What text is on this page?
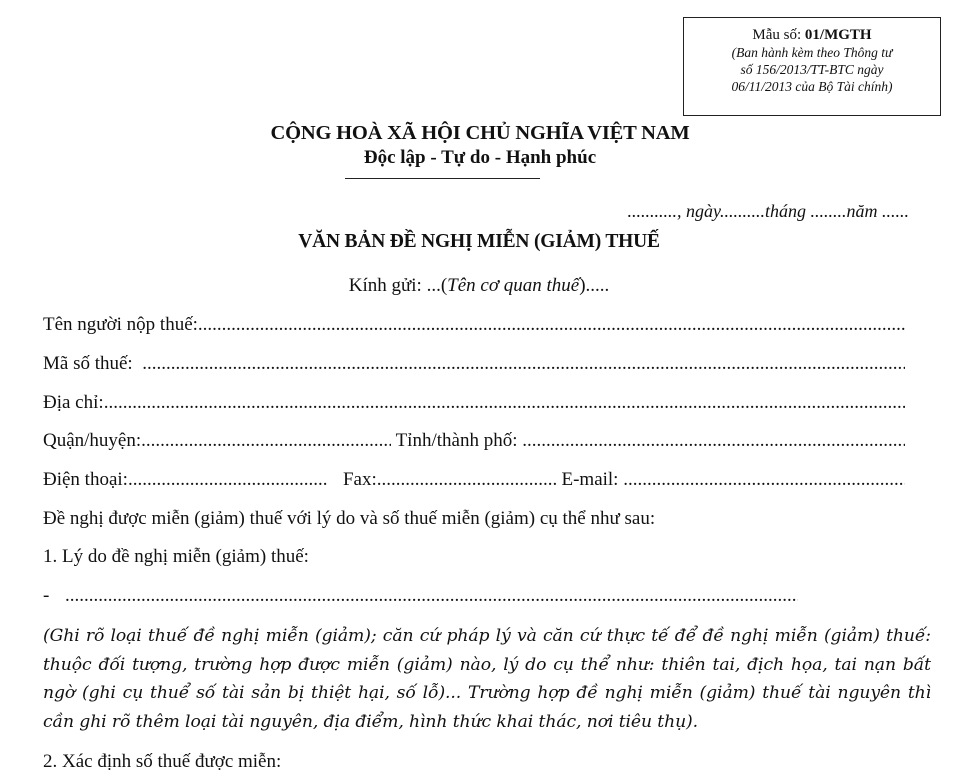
Mẫu số: 01/MGTH
(Ban hành kèm theo Thông tư
số 156/2013/TT-BTC ngày
06/11/2013 của Bộ Tài chính)
CỘNG HOÀ XÃ HỘI CHỦ NGHĨA VIỆT NAM
Độc lập - Tự do - Hạnh phúc
..........., ngày..........tháng ........năm ......
VĂN BẢN ĐỀ NGHỊ MIỄN (GIẢM) THUẾ
Kính gửi: ...(Tên cơ quan thuế).....
Tên người nộp thuế:
.....
Mã số thuế:
.....
Địa chỉ:
.....
Quận/huyện: .....	Tỉnh/thành phố:
.....
Điện thoại: .....	Fax: .....	E-mail:
.....
Đề nghị được miễn (giảm) thuế với lý do và số thuế miễn (giảm) cụ thể như sau:
1. Lý do đề nghị miễn (giảm) thuế:
-
.....
(Ghi rõ loại thuế đề nghị miễn (giảm); căn cứ pháp lý và căn cứ thực tế để đề nghị miễn (giảm) thuế: thuộc đối tượng, trường hợp được miễn (giảm) nào, lý do cụ thể như: thiên tai, địch họa, tai nạn bất ngờ (ghi cụ thuể số tài sản bị thiệt hại, số lỗ)... Trường hợp đề nghị miễn (giảm) thuế tài nguyên thì cần ghi rõ thêm loại tài nguyên, địa điểm, hình thức khai thác, nơi tiêu thụ).
2. Xác định số thuế được miễn:
